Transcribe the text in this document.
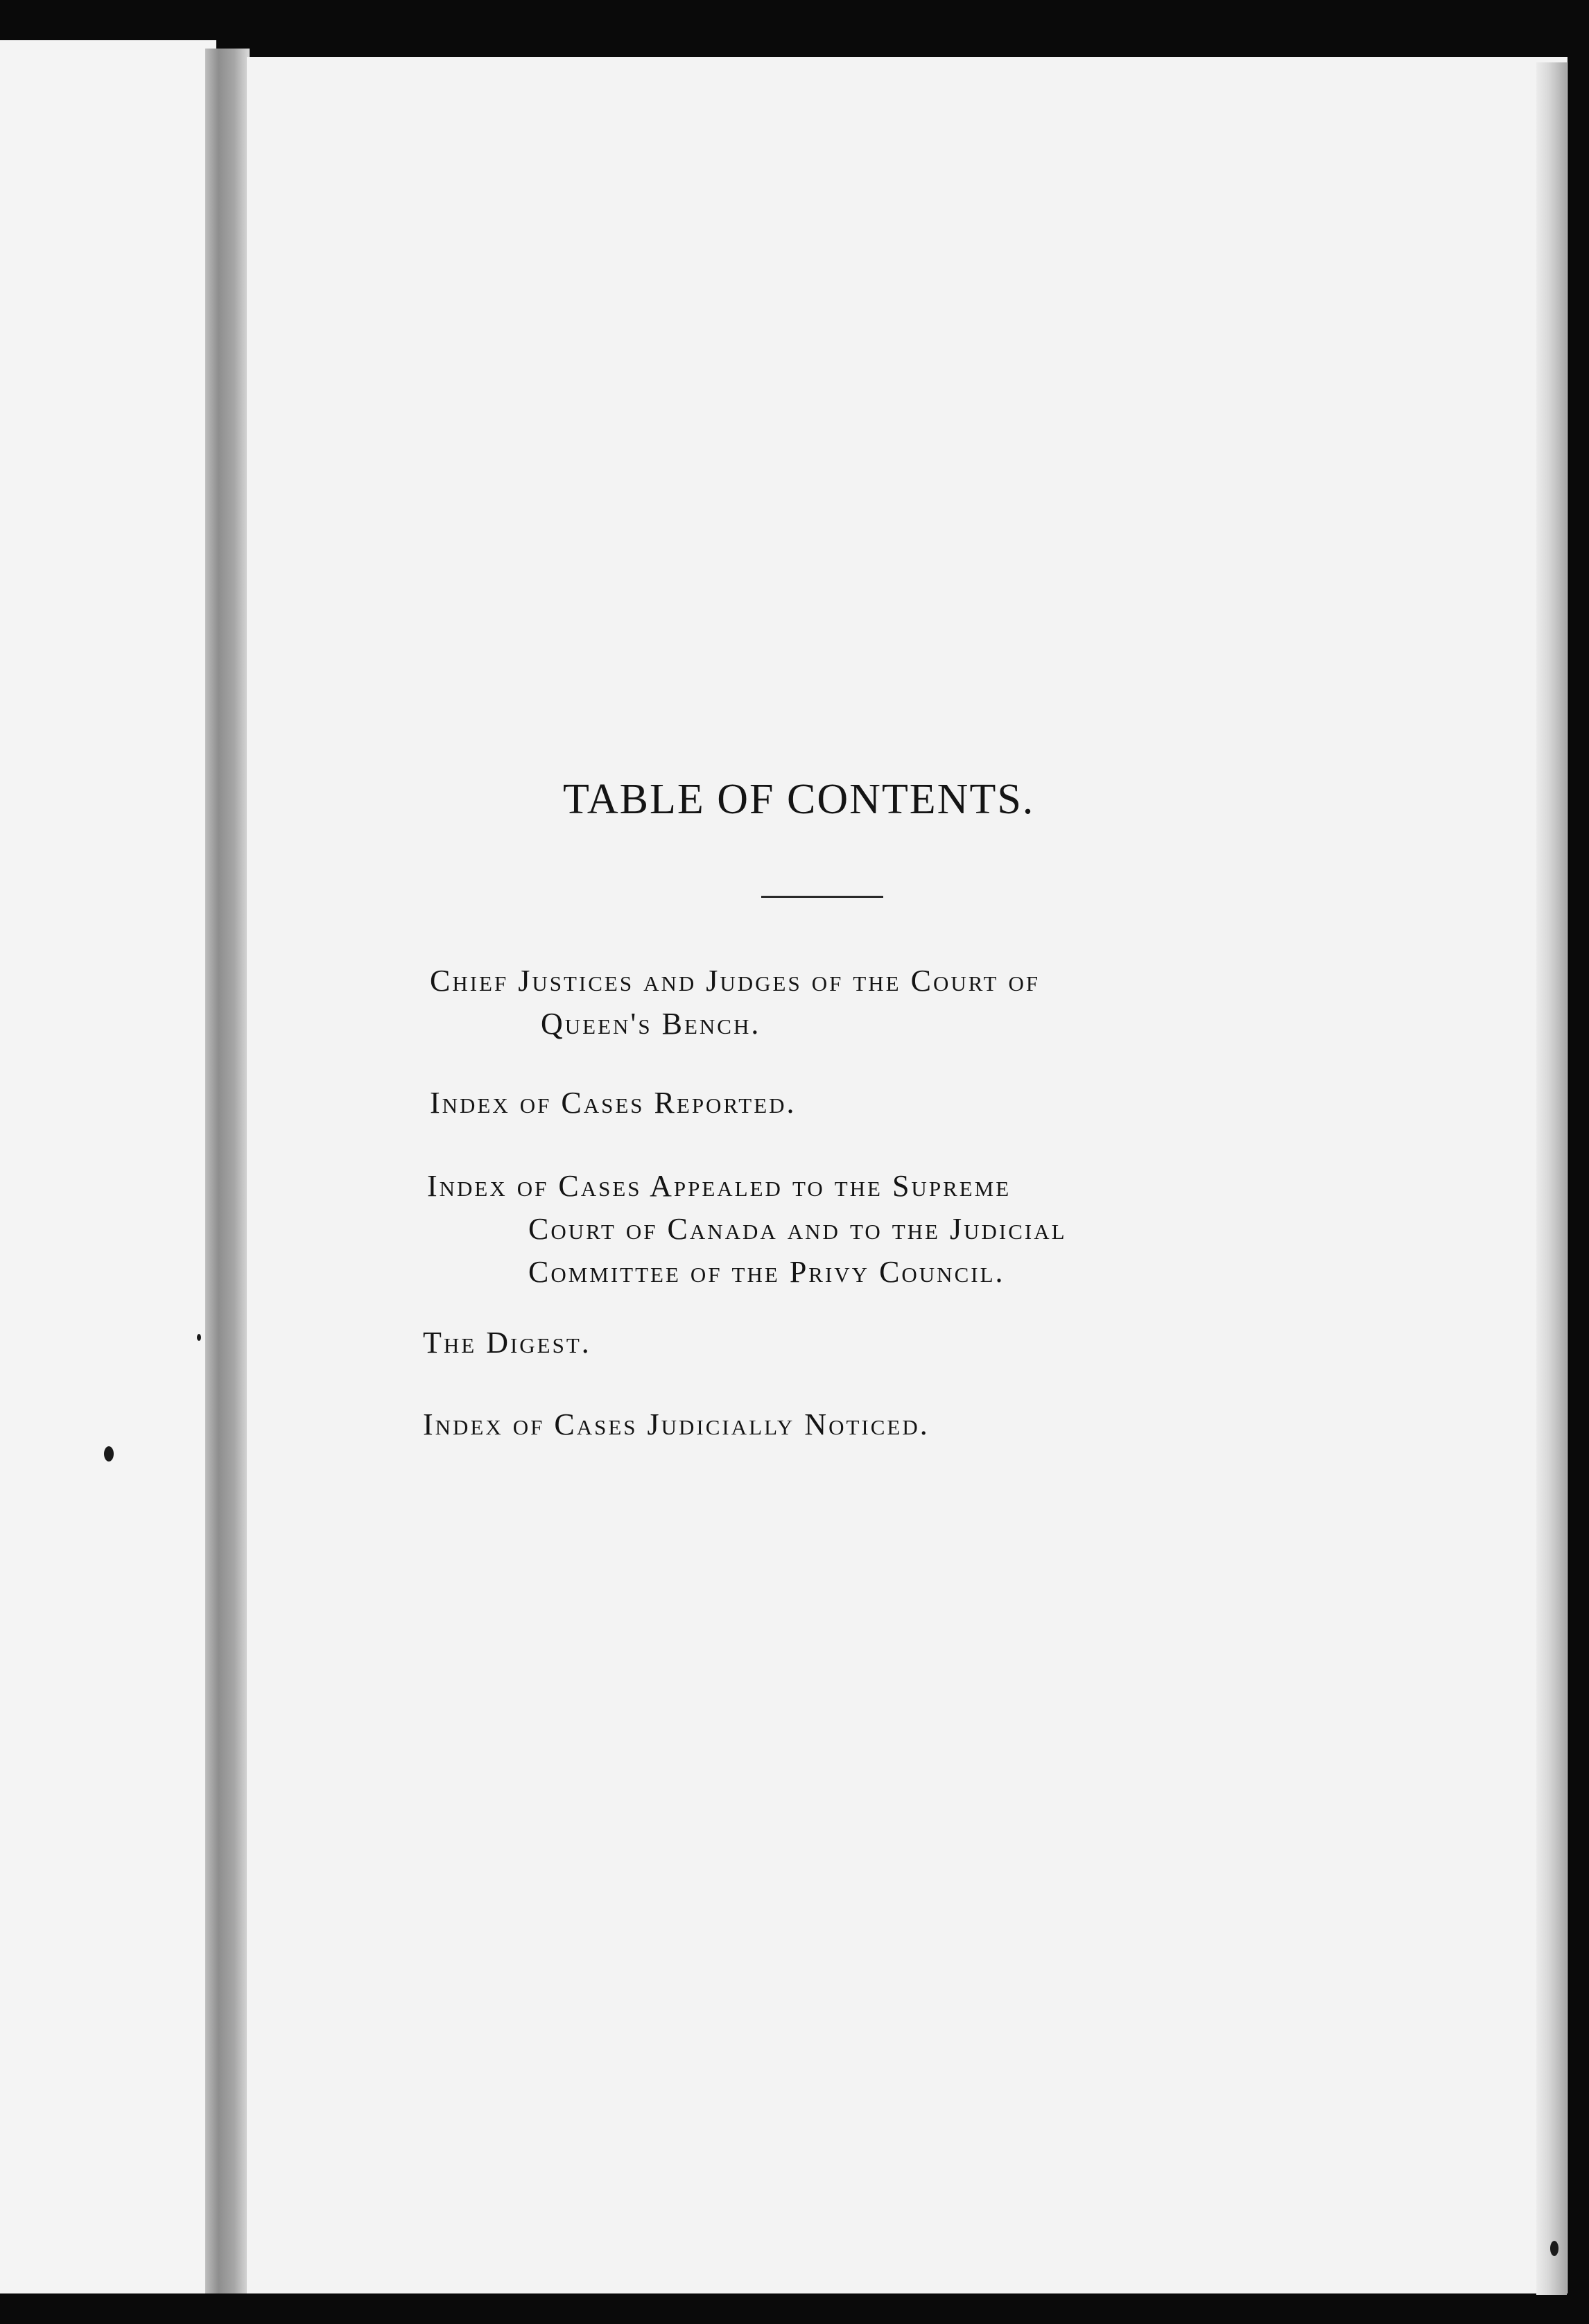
TABLE OF CONTENTS.
Chief Justices and Judges of the Court of
Queen's Bench.
Index of Cases Reported.
Index of Cases Appealed to the Supreme
Court of Canada and to the Judicial
Committee of the Privy Council.
The Digest.
Index of Cases Judicially Noticed.
